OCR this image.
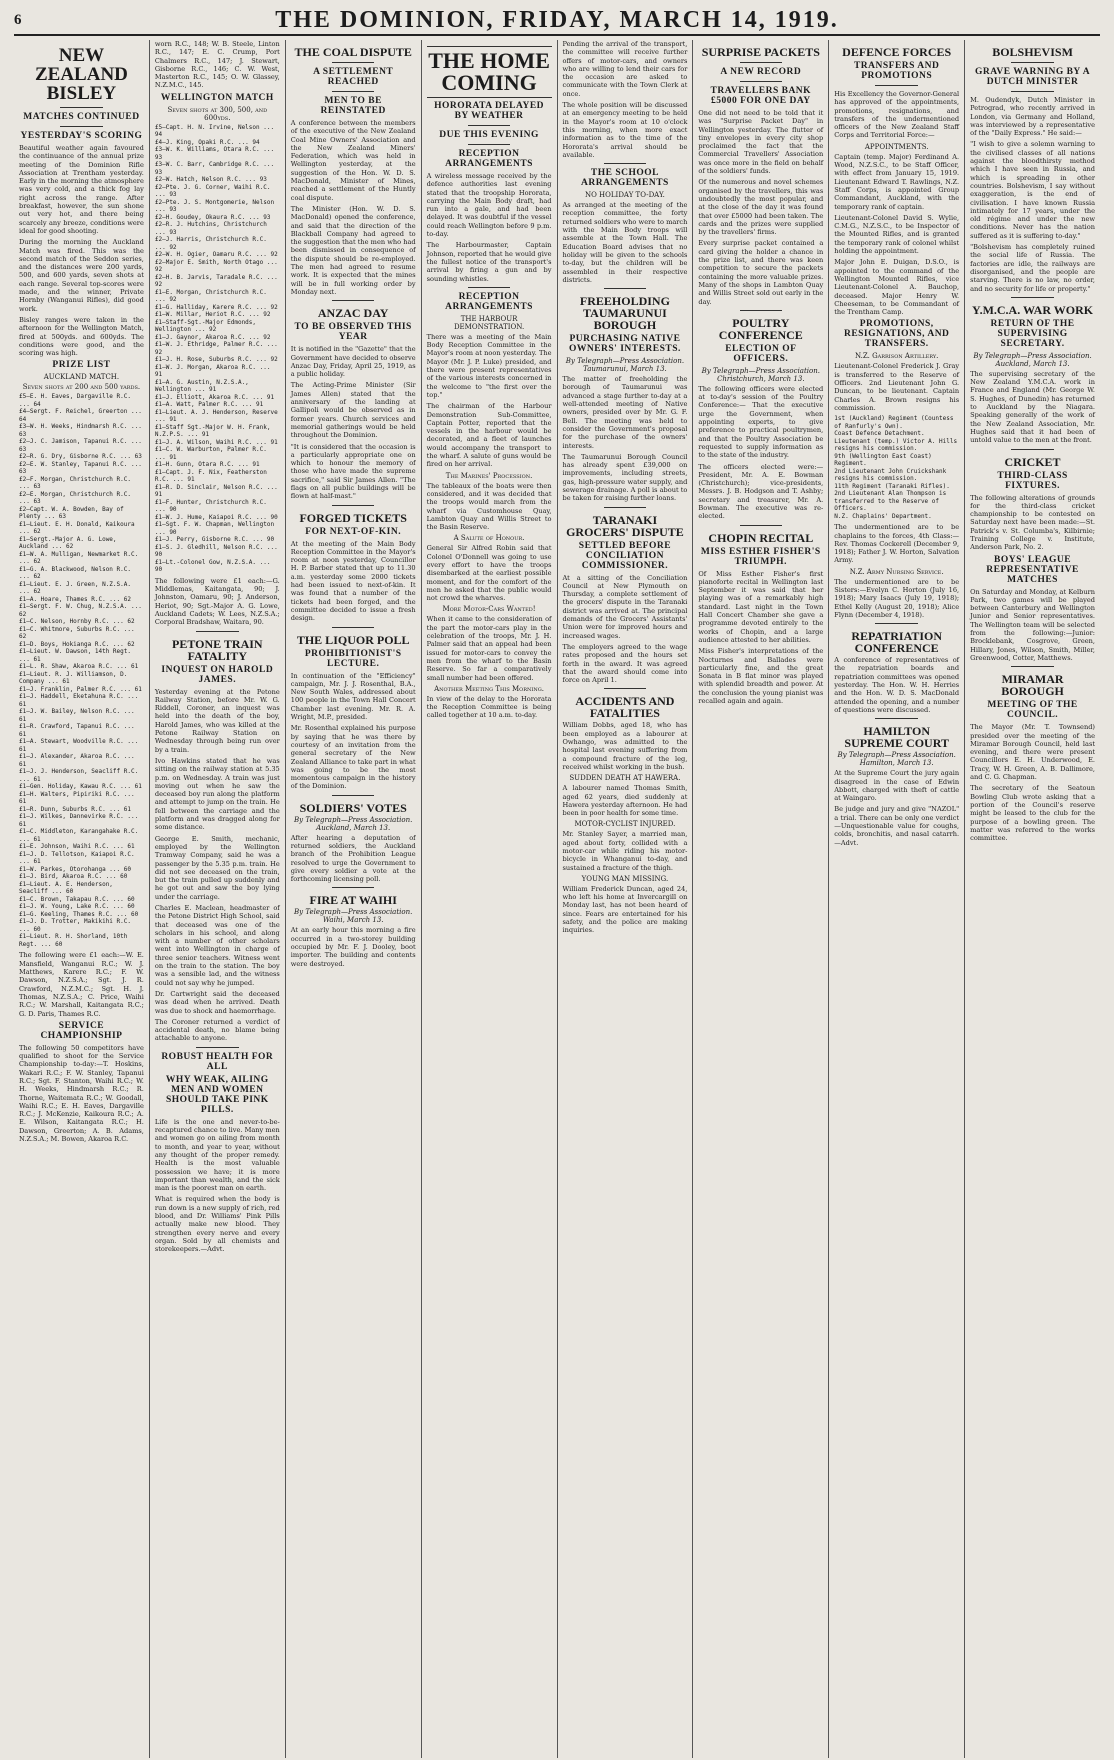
6	THE DOMINION, FRIDAY, MARCH 14, 1919.
NEW ZEALAND BISLEY
MATCHES CONTINUED
YESTERDAY'S SCORING

Beautiful weather again favoured the continuance of the annual prize meeting of the Dominion Rifle Association at Trentham yesterday. Early in the morning the atmosphere was very cold, and a thick fog lay right across the range. After breakfast, however, the sun shone out very hot, and there being scarcely any breeze, conditions were ideal for good shooting.

During the morning the Auckland Match was fired. This was the second match of the Seddon series, and the distances were 200 yards, 500, and 600 yards, seven shots at each range. Several top-scores were made, and the winner, Private Hornby (Wanganui Rifles), did good work.

Bisley ranges were taken in the afternoon for the Wellington Match, fired at 500yds. and 600yds. The conditions were good, and the scoring was high.

PRIZE LIST
AUCKLAND MATCH.
Seven shots at 200 and 500 yards.
£5—E. H. Eaves, Dargaville R.C. ... 64
£4—Sergt. F. Reichel, Greerton ... 64
£3—W. H. Weeks, Hindmarsh R.C. ... 63
£2—J. C. Jamison, Tapanui R.C. ... 63
£2—R. G. Dry, Gisborne R.C. ... 63
£2—E. W. Stanley, Tapanui R.C. ... 63
£2—F. Morgan, Christchurch R.C. ... 63
£2—E. Morgan, Christchurch R.C. ... 63
£2—Capt. W. A. Bowden, Bay of Plenty ... 63
£1—Lieut. E. H. Donald, Kaikoura ... 62
£1—Sergt.-Major A. G. Lowe, Auckland ... 62
£1—W. A. Mulligan, Newmarket R.C. ... 62
£1—G. A. Blackwood, Nelson R.C. ... 62
£1—Lieut. E. J. Green, N.Z.S.A. ... 62
£1—A. Hoare, Thames R.C. ... 62
£1—Sergt. F. W. Chug, N.Z.S.A. ... 62
£1—C. Nelson, Hornby R.C. ... 62
£1—C. Whitmore, Suburbs R.C. ... 62
£1—D. Boys, Hokianga R.C. ... 62
£1—Lieut. W. Dawson, 14th Regt. ... 61
£1—L. R. Shaw, Akaroa R.C. ... 61
£1—Lieut. R. J. Williamson, D. Company ... 61
£1—J. Franklin, Palmer R.C. ... 61
£1—J. Haddell, Eketahuna R.C. ... 61
£1—J. W. Bailey, Nelson R.C. ... 61
£1—R. Crawford, Tapanui R.C. ... 61
£1—A. Stewart, Woodville R.C. ... 61
£1—J. Alexander, Akaroa R.C. ... 61
£1—J. J. Henderson, Seacliff R.C. ... 61
£1—Gen. Holiday, Kawau R.C. ... 61
£1—H. Walters, Pipiriki R.C. ... 61
£1—R. Dunn, Suburbs R.C. ... 61
£1—J. Wilkes, Dannevirke R.C. ... 61
£1—C. Middleton, Karangahake R.C. ... 61
£1—E. Johnson, Waihi R.C. ... 61
£1—J. D. Tellotson, Kaiapoi R.C. ... 61
£1—W. Parkes, Otorohanga ... 60
£1—J. Bird, Akaroa R.C. ... 60
£1—Lieut. A. E. Henderson, Seacliff ... 60
£1—C. Brown, Takapau R.C. ... 60
£1—J. W. Young, Lake R.C. ... 60
£1—G. Keeling, Thames R.C. ... 60
£1—J. D. Trotter, Makikihi R.C. ... 60
£1—Lieut. R. H. Shorland, 10th Regt. ... 60

The following were £1 each:—W. E. Mansfield, Wanganui R.C.; W. J. Matthews, Karere R.C.; F. W. Dawson, N.Z.S.A.; Sgt. J. R. Crawford, N.Z.M.C.; Sgt. H. J. Thomas, N.Z.S.A.; C. Price, Waihi R.C.; W. Marshall, Kaitangata R.C.; G. D. Paris, Thames R.C.

SERVICE CHAMPIONSHIP

The following 50 competitors have qualified to shoot for the Service Championship to-day:—T. Hoskins, Wakari R.C.; F. W. Stanley, Tapanui R.C.; Sgt. F. Stanton, Waihi R.C.; W. H. Weeks, Hindmarsh R.C.; R. Thorne, Waitemata R.C.; W. Goodall, Waihi R.C.; E. H. Eaves, Dargaville R.C.; J. McKenzie, Kaikoura R.C.; A. E. Wilson, Kaitangata R.C.; H. Dawson, Greerton; A. B. Adams, N.Z.S.A.; M. Bowen, Akaroa R.C.

worn R.C., 148; W. B. Steele, Linton R.C., 147; E. C. Crump, Port Chalmers R.C., 147; J. Stewart, Gisborne R.C., 146; C. W. West, Masterton R.C., 145; O. W. Glassey, N.Z.M.C., 145.

WELLINGTON MATCH
Seven shots at 300, 500, and 600yds.
£5—Capt. H. N. Irvine, Nelson ... 94
£4—J. King, Opaki R.C. ... 94
£3—W. K. Williams, Otara R.C. ... 93
£3—W. C. Barr, Cambridge R.C. ... 93
£2—W. Hatch, Nelson R.C. ... 93
£2—Pte. J. G. Corner, Waihi R.C. ... 93
£2—Pte. J. S. Montgomerie, Nelson ... 93
£2—H. Goudey, Okaura R.C. ... 93
£2—R. J. Hutchins, Christchurch ... 93
£2—J. Harris, Christchurch R.C. ... 92
£2—W. H. Ogier, Oamaru R.C. ... 92
£2—Major E. Smith, North Otago ... 92
£2—H. B. Jarvis, Taradale R.C. ... 92
£1—E. Morgan, Christchurch R.C. ... 92
£1—G. Halliday, Karere R.C. ... 92
£1—W. Millar, Heriot R.C. ... 92
£1—Staff-Sgt.-Major Edmonds, Wellington ... 92
£1—J. Gaynor, Akaroa R.C. ... 92
£1—W. J. Ethridge, Palmer R.C. ... 92
£1—J. H. Rose, Suburbs R.C. ... 92
£1—W. J. Morgan, Akaroa R.C. ... 91
£1—A. G. Austin, N.Z.S.A., Wellington ... 91
£1—J. Elliott, Akaroa R.C. ... 91
£1—A. Watt, Palmer R.C. ... 91
£1—Lieut. A. J. Henderson, Reserve ... 91
£1—Staff Sgt.-Major W. H. Frank, N.Z.P.S. ... 91
£1—J. A. Wilson, Waihi R.C. ... 91
£1—C. W. Warburton, Palmer R.C. ... 91
£1—H. Gunn, Otara R.C. ... 91
£1—Capt. J. F. Nix, Featherston R.C. ... 91
£1—R. D. Sinclair, Nelson R.C. ... 91
£1—F. Hunter, Christchurch R.C. ... 90
£1—W. J. Hume, Kaiapoi R.C. ... 90
£1—Sgt. F. W. Chapman, Wellington ... 90
£1—J. Perry, Gisborne R.C. ... 90
£1—S. J. Gledhill, Nelson R.C. ... 90
£1—Lt.-Colonel Gow, N.Z.S.A. ... 90

The following were £1 each:—G. Middlemas, Kaitangata, 90; J. Johnston, Oamaru, 90; J. Anderson, Heriot, 90; Sgt.-Major A. G. Lowe, Auckland Cadets; W. Lees, N.Z.S.A.; Corporal Bradshaw, Waitara, 90.

PETONE TRAIN FATALITY
INQUEST ON HAROLD JAMES.

Yesterday evening at the Petone Railway Station, before Mr. W. G. Riddell, Coroner, an inquest was held into the death of the boy, Harold James, who was killed at the Petone Railway Station on Wednesday through being run over by a train.

Ivo Hawkins stated that he was sitting on the railway station at 5.35 p.m. on Wednesday. A train was just moving out when he saw the deceased boy run along the platform and attempt to jump on the train. He fell between the carriage and the platform and was dragged along for some distance.

George E. Smith, mechanic, employed by the Wellington Tramway Company, said he was a passenger by the 5.35 p.m. train. He did not see deceased on the train, but the train pulled up suddenly and he got out and saw the boy lying under the carriage.

Charles E. Maclean, headmaster of the Petone District High School, said that deceased was one of the scholars in his school, and along with a number of other scholars went into Wellington in charge of three senior teachers. Witness went on the train to the station. The boy was a sensible lad, and the witness could not say why he jumped.

Dr. Cartwright said the deceased was dead when he arrived. Death was due to shock and haemorrhage.

The Coroner returned a verdict of accidental death, no blame being attachable to anyone.

ROBUST HEALTH FOR ALL
WHY WEAK, AILING MEN AND WOMEN SHOULD TAKE PINK PILLS.

Life is the one and never-to-be-recaptured chance to live. Many men and women go on ailing from month to month, and year to year, without any thought of the proper remedy. Health is the most valuable possession we have; it is more important than wealth, and the sick man is the poorest man on earth.

What is required when the body is run down is a new supply of rich, red blood, and Dr. Williams' Pink Pills actually make new blood. They strengthen every nerve and every organ. Sold by all chemists and storekeepers.—Advt.

THE COAL DISPUTE
A SETTLEMENT REACHED
MEN TO BE REINSTATED

A conference between the members of the executive of the New Zealand Coal Mine Owners' Association and the New Zealand Miners' Federation, which was held in Wellington yesterday, at the suggestion of the Hon. W. D. S. MacDonald, Minister of Mines, reached a settlement of the Huntly coal dispute.

The Minister (Hon. W. D. S. MacDonald) opened the conference, and said that the direction of the Blackball Company had agreed to the suggestion that the men who had been dismissed in consequence of the dispute should be re-employed. The men had agreed to resume work. It is expected that the mines will be in full working order by Monday next.

ANZAC DAY
TO BE OBSERVED THIS YEAR

It is notified in the "Gazette" that the Government have decided to observe Anzac Day, Friday, April 25, 1919, as a public holiday.

The Acting-Prime Minister (Sir James Allen) stated that the anniversary of the landing at Gallipoli would be observed as in former years. Church services and memorial gatherings would be held throughout the Dominion.

"It is considered that the occasion is a particularly appropriate one on which to honour the memory of those who have made the supreme sacrifice," said Sir James Allen. "The flags on all public buildings will be flown at half-mast."

FORGED TICKETS
FOR NEXT-OF-KIN.

At the meeting of the Main Body Reception Committee in the Mayor's room at noon yesterday, Councillor H. P. Barber stated that up to 11.30 a.m. yesterday some 2000 tickets had been issued to next-of-kin. It was found that a number of the tickets had been forged, and the committee decided to issue a fresh design.

THE LIQUOR POLL
PROHIBITIONIST'S LECTURE.

In continuation of the "Efficiency" campaign, Mr. J. J. Rosenthal, B.A., New South Wales, addressed about 100 people in the Town Hall Concert Chamber last evening. Mr. R. A. Wright, M.P., presided.

Mr. Rosenthal explained his purpose by saying that he was there by courtesy of an invitation from the general secretary of the New Zealand Alliance to take part in what was going to be the most momentous campaign in the history of the Dominion.

SOLDIERS' VOTES
By Telegraph—Press Association. Auckland, March 13.

After hearing a deputation of returned soldiers, the Auckland branch of the Prohibition League resolved to urge the Government to give every soldier a vote at the forthcoming licensing poll.

FIRE AT WAIHI
By Telegraph—Press Association. Waihi, March 13.

At an early hour this morning a fire occurred in a two-storey building occupied by Mr. F. J. Dooley, boot importer. The building and contents were destroyed.

THE HOME COMING
HORORATA DELAYED BY WEATHER
DUE THIS EVENING
RECEPTION ARRANGEMENTS

A wireless message received by the defence authorities last evening stated that the troopship Hororata, carrying the Main Body draft, had run into a gale, and had been delayed. It was doubtful if the vessel could reach Wellington before 9 p.m. to-day.

The Harbourmaster, Captain Johnson, reported that he would give the fullest notice of the transport's arrival by firing a gun and by sounding whistles.

RECEPTION ARRANGEMENTS
THE HARBOUR DEMONSTRATION.

There was a meeting of the Main Body Reception Committee in the Mayor's room at noon yesterday. The Mayor (Mr. J. P. Luke) presided, and there were present representatives of the various interests concerned in the welcome to "the first over the top."

The chairman of the Harbour Demonstration Sub-Committee, Captain Potter, reported that the vessels in the harbour would be decorated, and a fleet of launches would accompany the transport to the wharf. A salute of guns would be fired on her arrival.

The Marines' Procession.

The tableaux of the boats were then considered, and it was decided that the troops would march from the wharf via Customhouse Quay, Lambton Quay and Willis Street to the Basin Reserve.

A Salute of Honour.

General Sir Alfred Robin said that Colonel O'Donnell was going to use every effort to have the troops disembarked at the earliest possible moment, and for the comfort of the men he asked that the public would not crowd the wharves.

More Motor-Cars Wanted!

When it came to the consideration of the part the motor-cars play in the celebration of the troops, Mr. J. H. Palmer said that an appeal had been issued for motor-cars to convey the men from the wharf to the Basin Reserve. So far a comparatively small number had been offered.

Another Meeting This Morning.

In view of the delay to the Hororata the Reception Committee is being called together at 10 a.m. to-day.

Pending the arrival of the transport, the committee will receive further offers of motor-cars, and owners who are willing to lend their cars for the occasion are asked to communicate with the Town Clerk at once.

The whole position will be discussed at an emergency meeting to be held in the Mayor's room at 10 o'clock this morning, when more exact information as to the time of the Hororata's arrival should be available.

THE SCHOOL ARRANGEMENTS
NO HOLIDAY TO-DAY.

As arranged at the meeting of the reception committee, the forty returned soldiers who were to march with the Main Body troops will assemble at the Town Hall. The Education Board advises that no holiday will be given to the schools to-day, but the children will be assembled in their respective districts.

FREEHOLDING TAUMARUNUI BOROUGH
PURCHASING NATIVE OWNERS' INTERESTS.
By Telegraph—Press Association. Taumarunui, March 13.

The matter of freeholding the borough of Taumarunui was advanced a stage further to-day at a well-attended meeting of Native owners, presided over by Mr. G. F. Bell. The meeting was held to consider the Government's proposal for the purchase of the owners' interests.

The Taumarunui Borough Council has already spent £39,000 on improvements, including streets, gas, high-pressure water supply, and sewerage drainage. A poll is about to be taken for raising further loans.

TARANAKI GROCERS' DISPUTE
SETTLED BEFORE CONCILIATION COMMISSIONER.

At a sitting of the Conciliation Council at New Plymouth on Thursday, a complete settlement of the grocers' dispute in the Taranaki district was arrived at. The principal demands of the Grocers' Assistants' Union were for improved hours and increased wages.

The employers agreed to the wage rates proposed and the hours set forth in the award. It was agreed that the award should come into force on April 1.

ACCIDENTS AND FATALITIES

William Dobbs, aged 18, who has been employed as a labourer at Owhango, was admitted to the hospital last evening suffering from a compound fracture of the leg, received whilst working in the bush.

SUDDEN DEATH AT HAWERA.

A labourer named Thomas Smith, aged 62 years, died suddenly at Hawera yesterday afternoon. He had been in poor health for some time.

MOTOR-CYCLIST INJURED.

Mr. Stanley Sayer, a married man, aged about forty, collided with a motor-car while riding his motor-bicycle in Whanganui to-day, and sustained a fracture of the thigh.

YOUNG MAN MISSING.

William Frederick Duncan, aged 24, who left his home at Invercargill on Monday last, has not been heard of since. Fears are entertained for his safety, and the police are making inquiries.

SURPRISE PACKETS
A NEW RECORD
TRAVELLERS BANK £5000 FOR ONE DAY

One did not need to be told that it was "Surprise Packet Day" in Wellington yesterday. The flutter of tiny envelopes in every city shop proclaimed the fact that the Commercial Travellers' Association was once more in the field on behalf of the soldiers' funds.

Of the numerous and novel schemes organised by the travellers, this was undoubtedly the most popular, and at the close of the day it was found that over £5000 had been taken. The cards and the prizes were supplied by the travellers' firms.

Every surprise packet contained a card giving the holder a chance in the prize list, and there was keen competition to secure the packets containing the more valuable prizes. Many of the shops in Lambton Quay and Willis Street sold out early in the day.

POULTRY CONFERENCE
ELECTION OF OFFICERS.
By Telegraph—Press Association. Christchurch, March 13.

The following officers were elected at to-day's session of the Poultry Conference:— That the executive urge the Government, when appointing experts, to give preference to practical poultrymen, and that the Poultry Association be requested to supply information as to the state of the industry.

The officers elected were:—President, Mr. A. E. Bowman (Christchurch); vice-presidents, Messrs. J. B. Hodgson and T. Ashby; secretary and treasurer, Mr. A. Bowman. The executive was re-elected.

CHOPIN RECITAL
MISS ESTHER FISHER'S TRIUMPH.

Of Miss Esther Fisher's first pianoforte recital in Wellington last September it was said that her playing was of a remarkably high standard. Last night in the Town Hall Concert Chamber she gave a programme devoted entirely to the works of Chopin, and a large audience attested to her abilities.

Miss Fisher's interpretations of the Nocturnes and Ballades were particularly fine, and the great Sonata in B flat minor was played with splendid breadth and power. At the conclusion the young pianist was recalled again and again.

DEFENCE FORCES
TRANSFERS AND PROMOTIONS

His Excellency the Governor-General has approved of the appointments, promotions, resignations, and transfers of the undermentioned officers of the New Zealand Staff Corps and Territorial Force:—

APPOINTMENTS.

Captain (temp. Major) Ferdinand A. Wood, N.Z.S.C., to be Staff Officer, with effect from January 15, 1919. Lieutenant Edward T. Rawlings, N.Z. Staff Corps, is appointed Group Commandant, Auckland, with the temporary rank of captain.

Lieutenant-Colonel David S. Wylie, C.M.G., N.Z.S.C., to be Inspector of the Mounted Rifles, and is granted the temporary rank of colonel whilst holding the appointment.

Major John E. Duigan, D.S.O., is appointed to the command of the Wellington Mounted Rifles, vice Lieutenant-Colonel A. Bauchop, deceased. Major Henry W. Cheeseman, to be Commandant of the Trentham Camp.

PROMOTIONS, RESIGNATIONS, AND TRANSFERS.
N.Z. Garrison Artillery.

Lieutenant-Colonel Frederick J. Gray is transferred to the Reserve of Officers. 2nd Lieutenant John G. Duncan, to be lieutenant. Captain Charles A. Brown resigns his commission.

1st (Auckland) Regiment (Countess of Ranfurly's Own).
Coast Defence Detachment.
Lieutenant (temp.) Victor A. Hills resigns his commission.
9th (Wellington East Coast) Regiment.
2nd Lieutenant John Cruickshank resigns his commission.
11th Regiment (Taranaki Rifles).
2nd Lieutenant Alan Thompson is transferred to the Reserve of Officers.
N.Z. Chaplains' Department.

The undermentioned are to be chaplains to the forces, 4th Class:—Rev. Thomas Cockerell (December 9, 1918); Father J. W. Horton, Salvation Army.

N.Z. Army Nursing Service.

The undermentioned are to be Sisters:—Evelyn C. Horton (July 16, 1918); Mary Isaacs (July 19, 1918); Ethel Kelly (August 20, 1918); Alice Flynn (December 4, 1918).

REPATRIATION CONFERENCE

A conference of representatives of the repatriation boards and repatriation committees was opened yesterday. The Hon. W. H. Herries and the Hon. W. D. S. MacDonald attended the opening, and a number of questions were discussed.

HAMILTON SUPREME COURT
By Telegraph—Press Association. Hamilton, March 13.

At the Supreme Court the jury again disagreed in the case of Edwin Abbott, charged with theft of cattle at Waingaro.

Be judge and jury and give "NAZOL" a trial. There can be only one verdict—Unquestionable value for coughs, colds, bronchitis, and nasal catarrh.—Advt.

BOLSHEVISM
GRAVE WARNING BY A DUTCH MINISTER

M. Oudendyk, Dutch Minister in Petrograd, who recently arrived in London, via Germany and Holland, was interviewed by a representative of the "Daily Express." He said:—

"I wish to give a solemn warning to the civilised classes of all nations against the bloodthirsty method which I have seen in Russia, and which is spreading in other countries. Bolshevism, I say without exaggeration, is the end of civilisation. I have known Russia intimately for 17 years, under the old régime and under the new conditions. Never has the nation suffered as it is suffering to-day."

"Bolshevism has completely ruined the social life of Russia. The factories are idle, the railways are disorganised, and the people are starving. There is no law, no order, and no security for life or property."

Y.M.C.A. WAR WORK
RETURN OF THE SUPERVISING SECRETARY.
By Telegraph—Press Association. Auckland, March 13.

The supervising secretary of the New Zealand Y.M.C.A. work in France and England (Mr. George W. S. Hughes, of Dunedin) has returned to Auckland by the Niagara. Speaking generally of the work of the New Zealand Association, Mr. Hughes said that it had been of untold value to the men at the front.

CRICKET
THIRD-CLASS FIXTURES.

The following alterations of grounds for the third-class cricket championship to be contested on Saturday next have been made:—St. Patrick's v. St. Columba's, Kilbirnie; Training College v. Institute, Anderson Park, No. 2.

BOYS' LEAGUE REPRESENTATIVE MATCHES

On Saturday and Monday, at Kelburn Park, two games will be played between Canterbury and Wellington Junior and Senior representatives. The Wellington team will be selected from the following:—Junior: Brocklebank, Cosgrove, Green, Hillary, Jones, Wilson, Smith, Miller, Greenwood, Cotter, Matthews.

MIRAMAR BOROUGH
MEETING OF THE COUNCIL.

The Mayor (Mr. T. Townsend) presided over the meeting of the Miramar Borough Council, held last evening, and there were present Councillors E. H. Underwood, E. Tracy, W. H. Green, A. B. Dallimore, and C. G. Chapman.

The secretary of the Seatoun Bowling Club wrote asking that a portion of the Council's reserve might be leased to the club for the purpose of a bowling green. The matter was referred to the works committee.
